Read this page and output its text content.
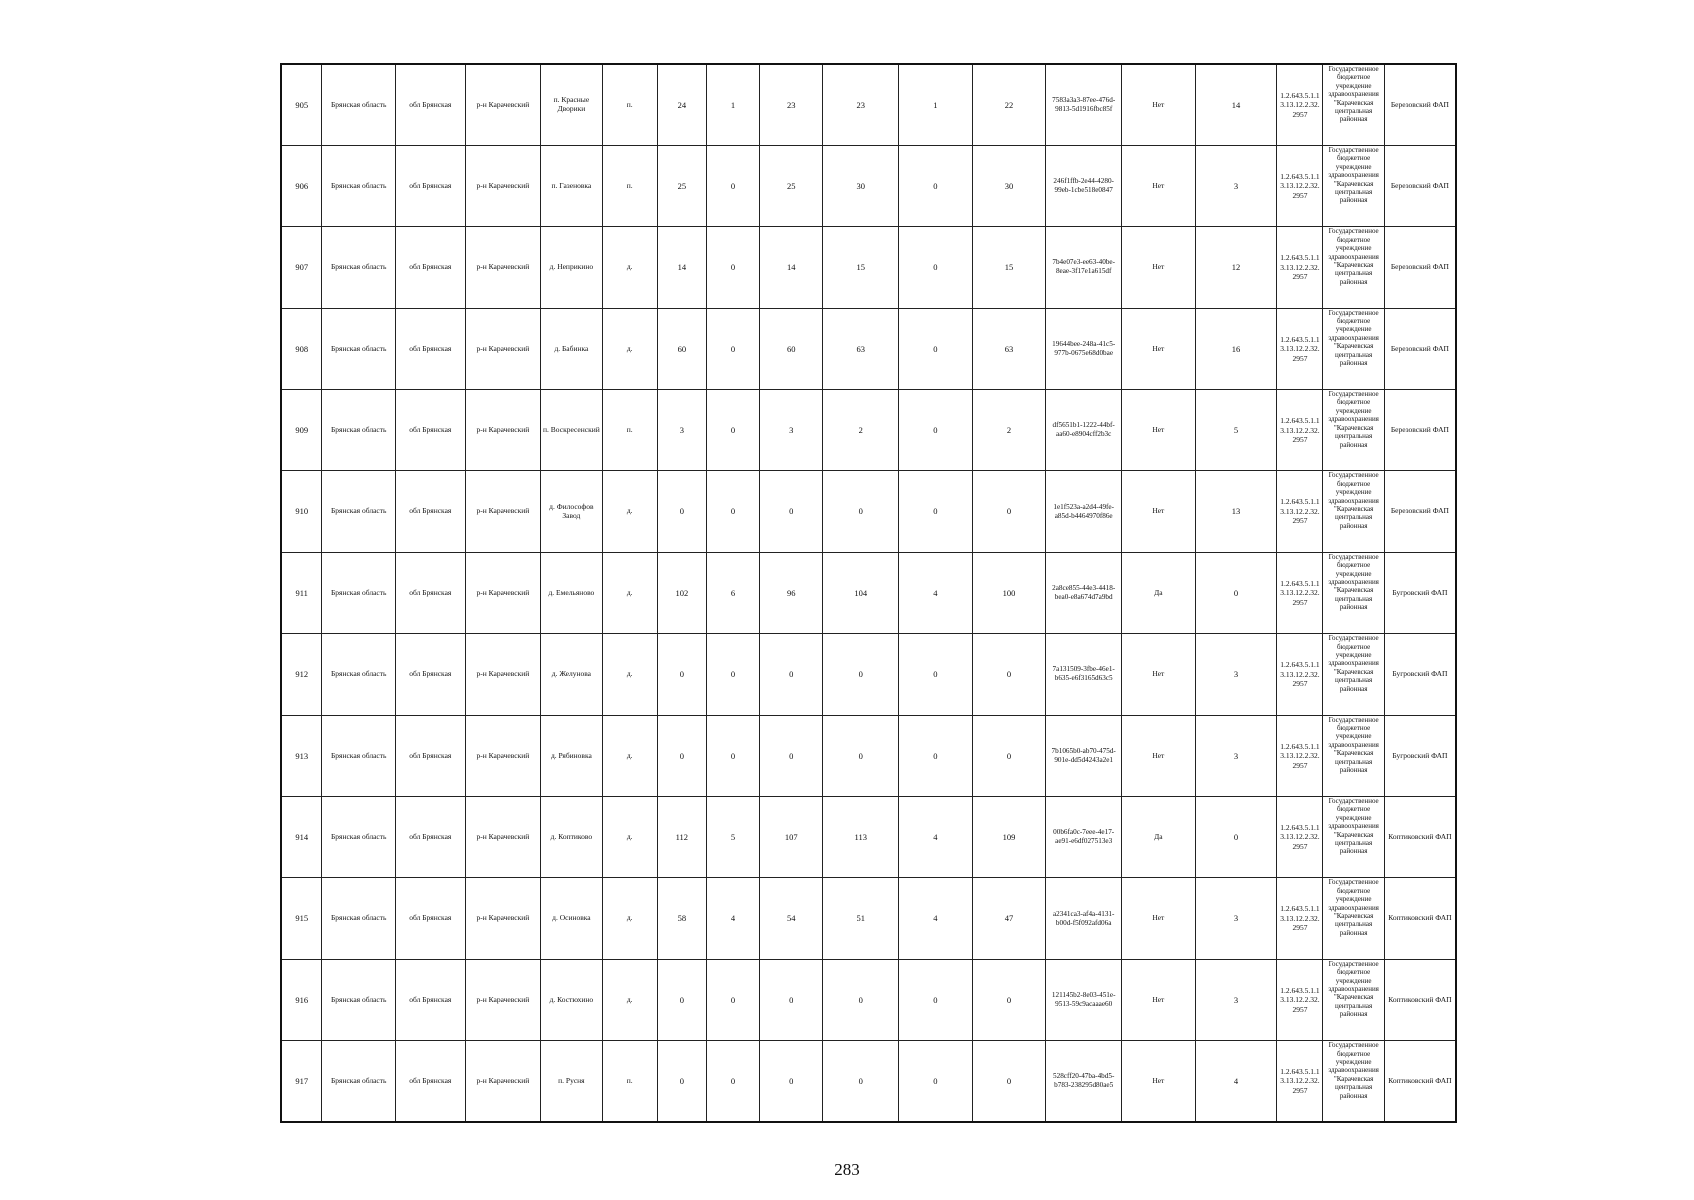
905	Брянская область	обл Брянская	р-н Карачевский	п. Красные Дворики	п.	24	1	23	23	1	22	7583a3a3-87ee-476d-9813-5d1916fbc85f	Нет	14	1.2.643.5.1.13.13.12.2.32.2957	Государственное бюджетное учреждение здравоохранения "Карачевская центральная районная	Березовский ФАП
906	Брянская область	обл Брянская	р-н Карачевский	п. Газеновка	п.	25	0	25	30	0	30	246f1ffb-2e44-4280-99eb-1cbe518e0847	Нет	3	1.2.643.5.1.13.13.12.2.32.2957	Государственное бюджетное учреждение здравоохранения "Карачевская центральная районная	Березовский ФАП
907	Брянская область	обл Брянская	р-н Карачевский	д. Неприкино	д.	14	0	14	15	0	15	7b4e07e3-ee63-40be-8eae-3f17e1a615df	Нет	12	1.2.643.5.1.13.13.12.2.32.2957	Государственное бюджетное учреждение здравоохранения "Карачевская центральная районная	Березовский ФАП
908	Брянская область	обл Брянская	р-н Карачевский	д. Бабинка	д.	60	0	60	63	0	63	19644bee-248a-41c5-977b-0675e68d0bae	Нет	16	1.2.643.5.1.13.13.12.2.32.2957	Государственное бюджетное учреждение здравоохранения "Карачевская центральная районная	Березовский ФАП
909	Брянская область	обл Брянская	р-н Карачевский	п. Воскресенский	п.	3	0	3	2	0	2	df5651b1-1222-44bf-aa60-e8904cff2b3c	Нет	5	1.2.643.5.1.13.13.12.2.32.2957	Государственное бюджетное учреждение здравоохранения "Карачевская центральная районная	Березовский ФАП
910	Брянская область	обл Брянская	р-н Карачевский	д. Философов Завод	д.	0	0	0	0	0	0	1e1f523a-a2d4-49fe-a85d-b4464970f86e	Нет	13	1.2.643.5.1.13.13.12.2.32.2957	Государственное бюджетное учреждение здравоохранения "Карачевская центральная районная	Березовский ФАП
911	Брянская область	обл Брянская	р-н Карачевский	д. Емельяново	д.	102	6	96	104	4	100	2a8ce855-44e3-4418-bea0-e8a674d7a9bd	Да	0	1.2.643.5.1.13.13.12.2.32.2957	Государственное бюджетное учреждение здравоохранения "Карачевская центральная районная	Бугровский ФАП
912	Брянская область	обл Брянская	р-н Карачевский	д. Желунова	д.	0	0	0	0	0	0	7a131509-3fbe-46e1-b635-e6f3165d63c5	Нет	3	1.2.643.5.1.13.13.12.2.32.2957	Государственное бюджетное учреждение здравоохранения "Карачевская центральная районная	Бугровский ФАП
913	Брянская область	обл Брянская	р-н Карачевский	д. Рябиновка	д.	0	0	0	0	0	0	7b1065b0-ab70-475d-901e-dd5d4243a2e1	Нет	3	1.2.643.5.1.13.13.12.2.32.2957	Государственное бюджетное учреждение здравоохранения "Карачевская центральная районная	Бугровский ФАП
914	Брянская область	обл Брянская	р-н Карачевский	д. Коптиково	д.	112	5	107	113	4	109	00b6fa0c-7eee-4e17-ae91-e6df027513e3	Да	0	1.2.643.5.1.13.13.12.2.32.2957	Государственное бюджетное учреждение здравоохранения "Карачевская центральная районная	Коптиковский ФАП
915	Брянская область	обл Брянская	р-н Карачевский	д. Осиновка	д.	58	4	54	51	4	47	a2341ca3-af4a-4131-b00d-f5f092afd06a	Нет	3	1.2.643.5.1.13.13.12.2.32.2957	Государственное бюджетное учреждение здравоохранения "Карачевская центральная районная	Коптиковский ФАП
916	Брянская область	обл Брянская	р-н Карачевский	д. Костюхино	д.	0	0	0	0	0	0	121145b2-8e03-451e-9513-59c9acaaae60	Нет	3	1.2.643.5.1.13.13.12.2.32.2957	Государственное бюджетное учреждение здравоохранения "Карачевская центральная районная	Коптиковский ФАП
917	Брянская область	обл Брянская	р-н Карачевский	п. Русня	п.	0	0	0	0	0	0	528cff20-47ba-4bd5-b783-238295d80ae5	Нет	4	1.2.643.5.1.13.13.12.2.32.2957	Государственное бюджетное учреждение здравоохранения "Карачевская центральная районная	Коптиковский ФАП
283
